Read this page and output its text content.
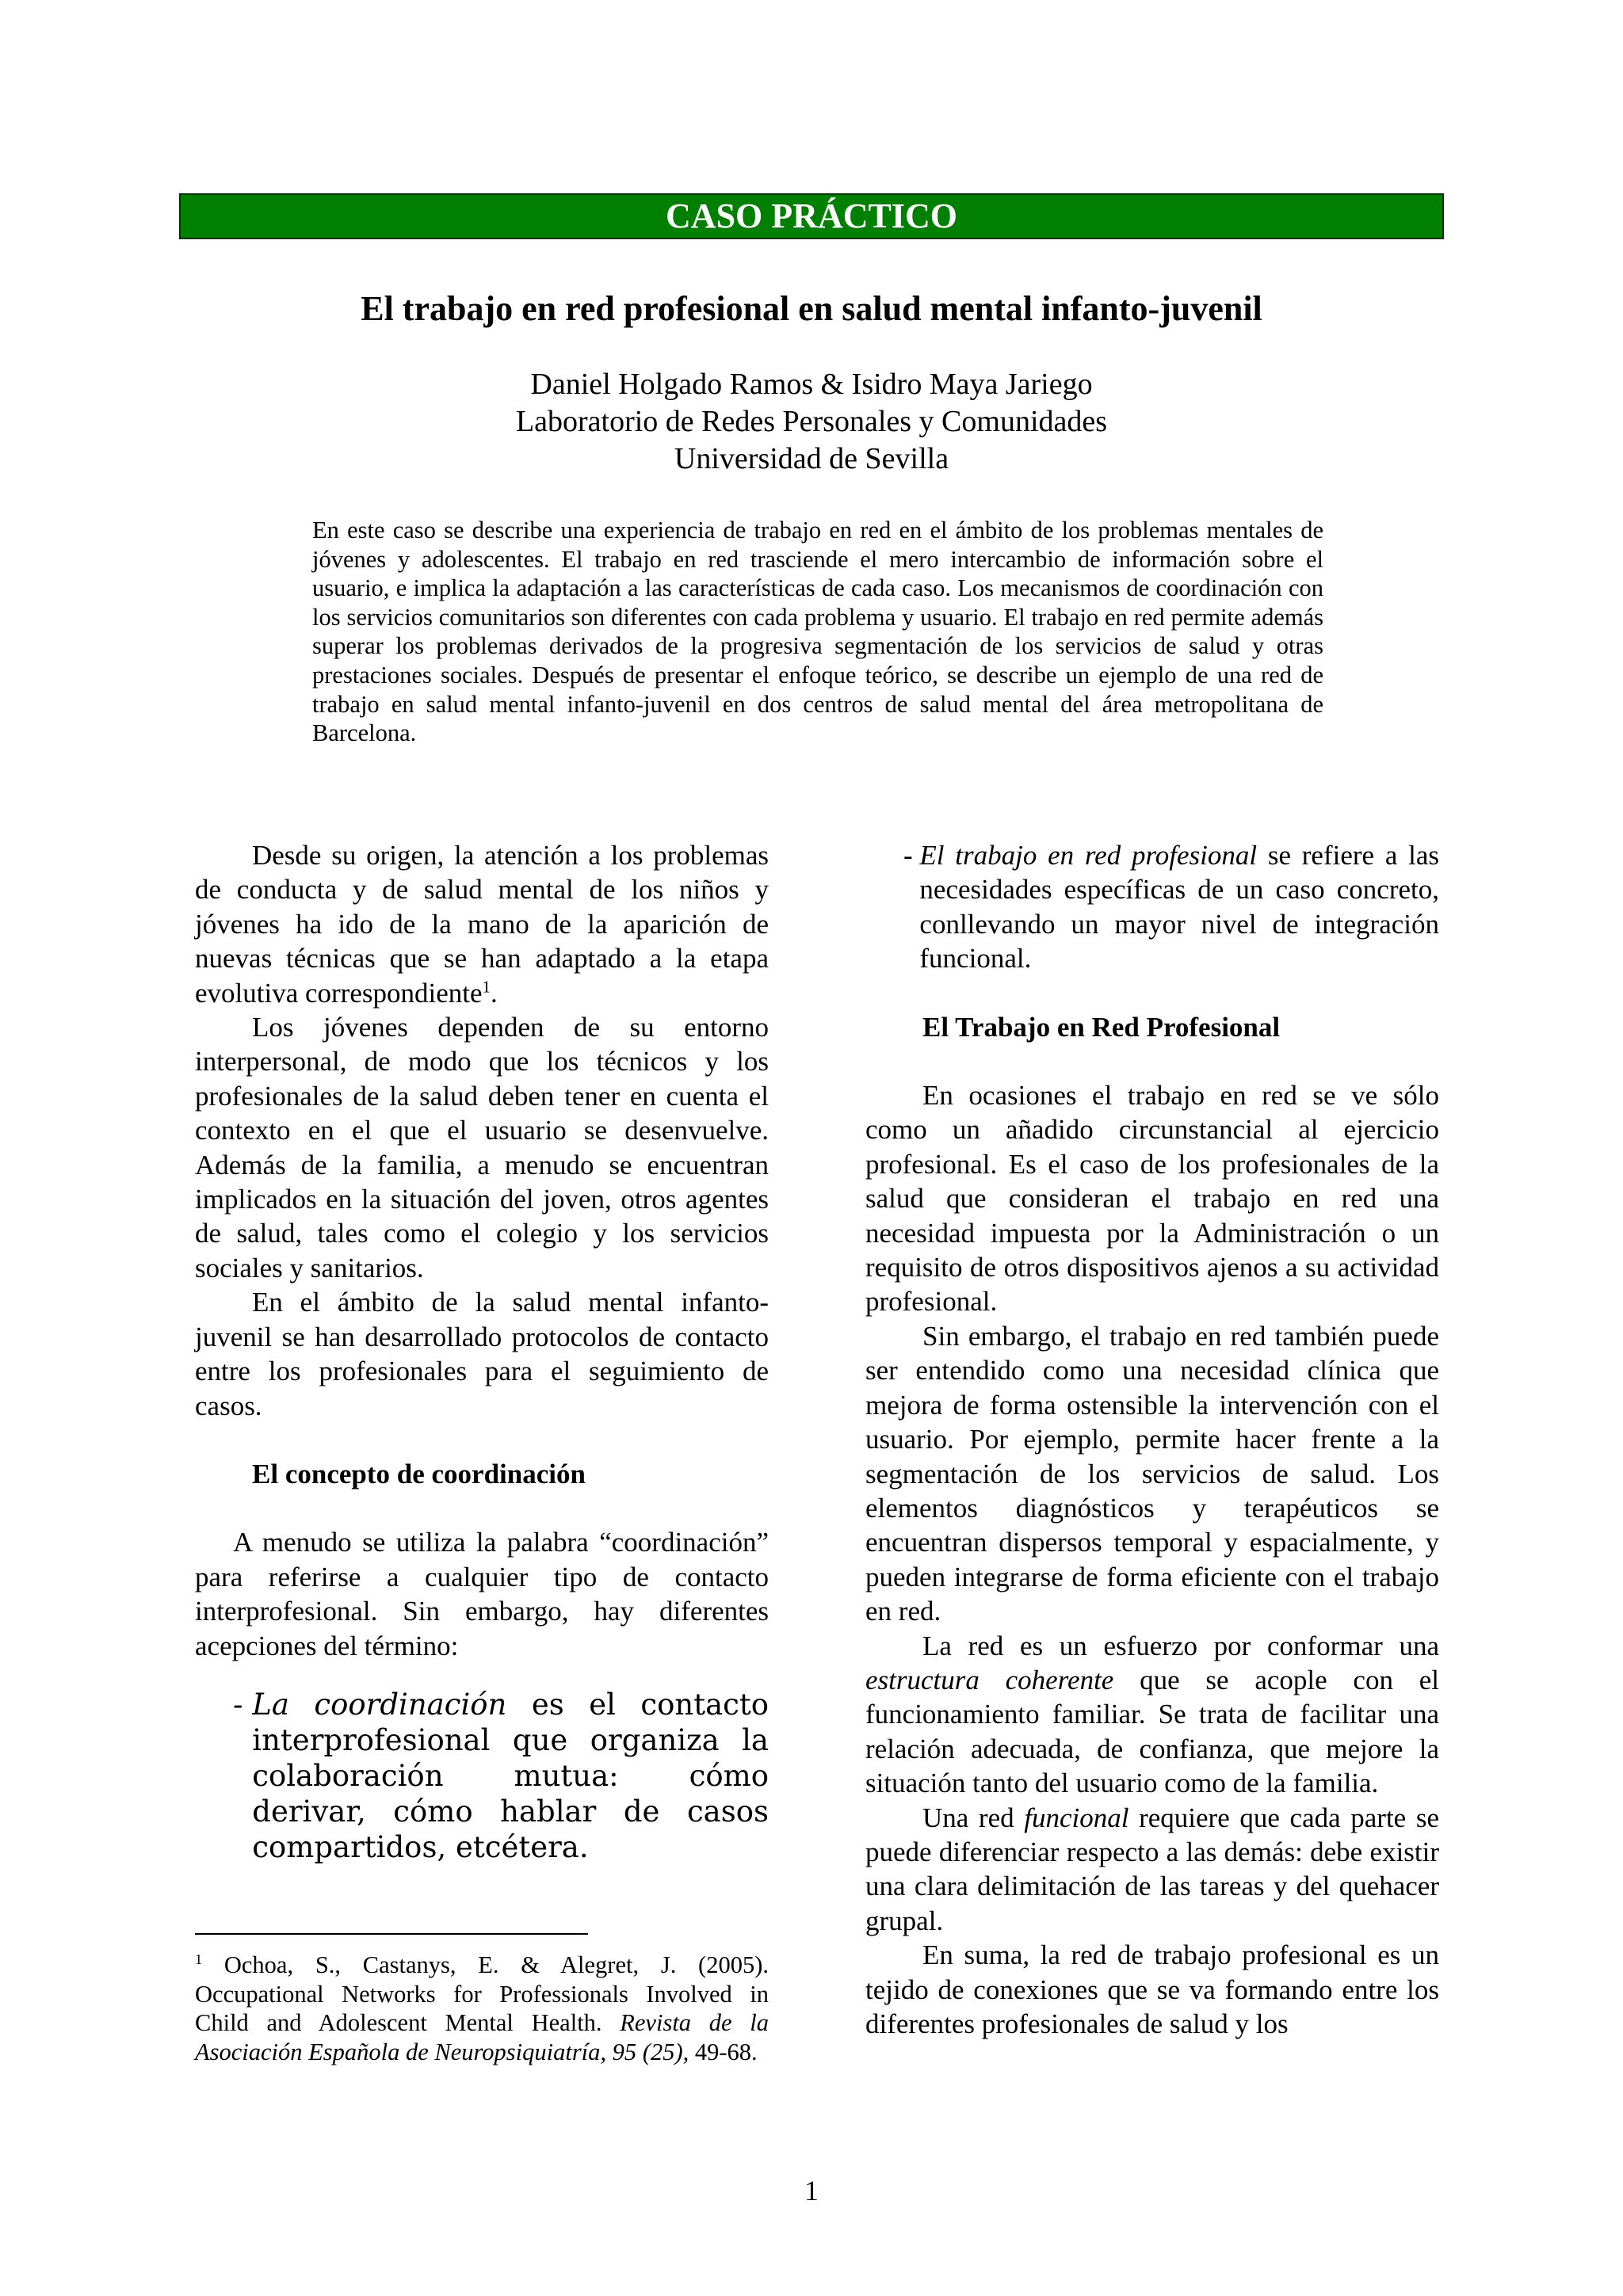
CASO PRÁCTICO
El trabajo en red profesional en salud mental infanto-juvenil
Daniel Holgado Ramos & Isidro Maya Jariego
Laboratorio de Redes Personales y Comunidades
Universidad de Sevilla
En este caso se describe una experiencia de trabajo en red en el ámbito de los problemas mentales de jóvenes y adolescentes. El trabajo en red trasciende el mero intercambio de información sobre el usuario, e implica la adaptación a las características de cada caso. Los mecanismos de coordinación con los servicios comunitarios son diferentes con cada problema y usuario. El trabajo en red permite además superar los problemas derivados de la progresiva segmentación de los servicios de salud y otras prestaciones sociales. Después de presentar el enfoque teórico, se describe un ejemplo de una red de trabajo en salud mental infanto-juvenil en dos centros de salud mental del área metropolitana de Barcelona.

Desde su origen, la atención a los problemas de conducta y de salud mental de los niños y jóvenes ha ido de la mano de la aparición de nuevas técnicas que se han adaptado a la etapa evolutiva correspondiente$^1$.

Los jóvenes dependen de su entorno interpersonal, de modo que los técnicos y los profesionales de la salud deben tener en cuenta el contexto en el que el usuario se desenvuelve. Además de la familia, a menudo se encuentran implicados en la situación del joven, otros agentes de salud, tales como el colegio y los servicios sociales y sanitarios.

En el ámbito de la salud mental infanto-juvenil se han desarrollado protocolos de contacto entre los profesionales para el seguimiento de casos.

El concepto de coordinación

A menudo se utiliza la palabra “coordinación” para referirse a cualquier tipo de contacto interprofesional. Sin embargo, hay diferentes acepciones del término:

- La coordinación es el contacto interprofesional que organiza la colaboración mutua: cómo derivar, cómo hablar de casos compartidos, etcétera.
$^1$ Ochoa, S., Castanys, E. & Alegret, J. (2005). Occupational Networks for Professionals Involved in Child and Adolescent Mental Health. Revista de la Asociación Española de Neuropsiquiatría, 95 (25), 49-68.
- El trabajo en red profesional se refiere a las necesidades específicas de un caso concreto, conllevando un mayor nivel de integración funcional.

El Trabajo en Red Profesional

En ocasiones el trabajo en red se ve sólo como un añadido circunstancial al ejercicio profesional. Es el caso de los profesionales de la salud que consideran el trabajo en red una necesidad impuesta por la Administración o un requisito de otros dispositivos ajenos a su actividad profesional.

Sin embargo, el trabajo en red también puede ser entendido como una necesidad clínica que mejora de forma ostensible la intervención con el usuario. Por ejemplo, permite hacer frente a la segmentación de los servicios de salud. Los elementos diagnósticos y terapéuticos se encuentran dispersos temporal y espacialmente, y pueden integrarse de forma eficiente con el trabajo en red.

La red es un esfuerzo por conformar una estructura coherente que se acople con el funcionamiento familiar. Se trata de facilitar una relación adecuada, de confianza, que mejore la situación tanto del usuario como de la familia.

Una red funcional requiere que cada parte se puede diferenciar respecto a las demás: debe existir una clara delimitación de las tareas y del quehacer grupal.

En suma, la red de trabajo profesional es un tejido de conexiones que se va formando entre los diferentes profesionales de salud y los

1
